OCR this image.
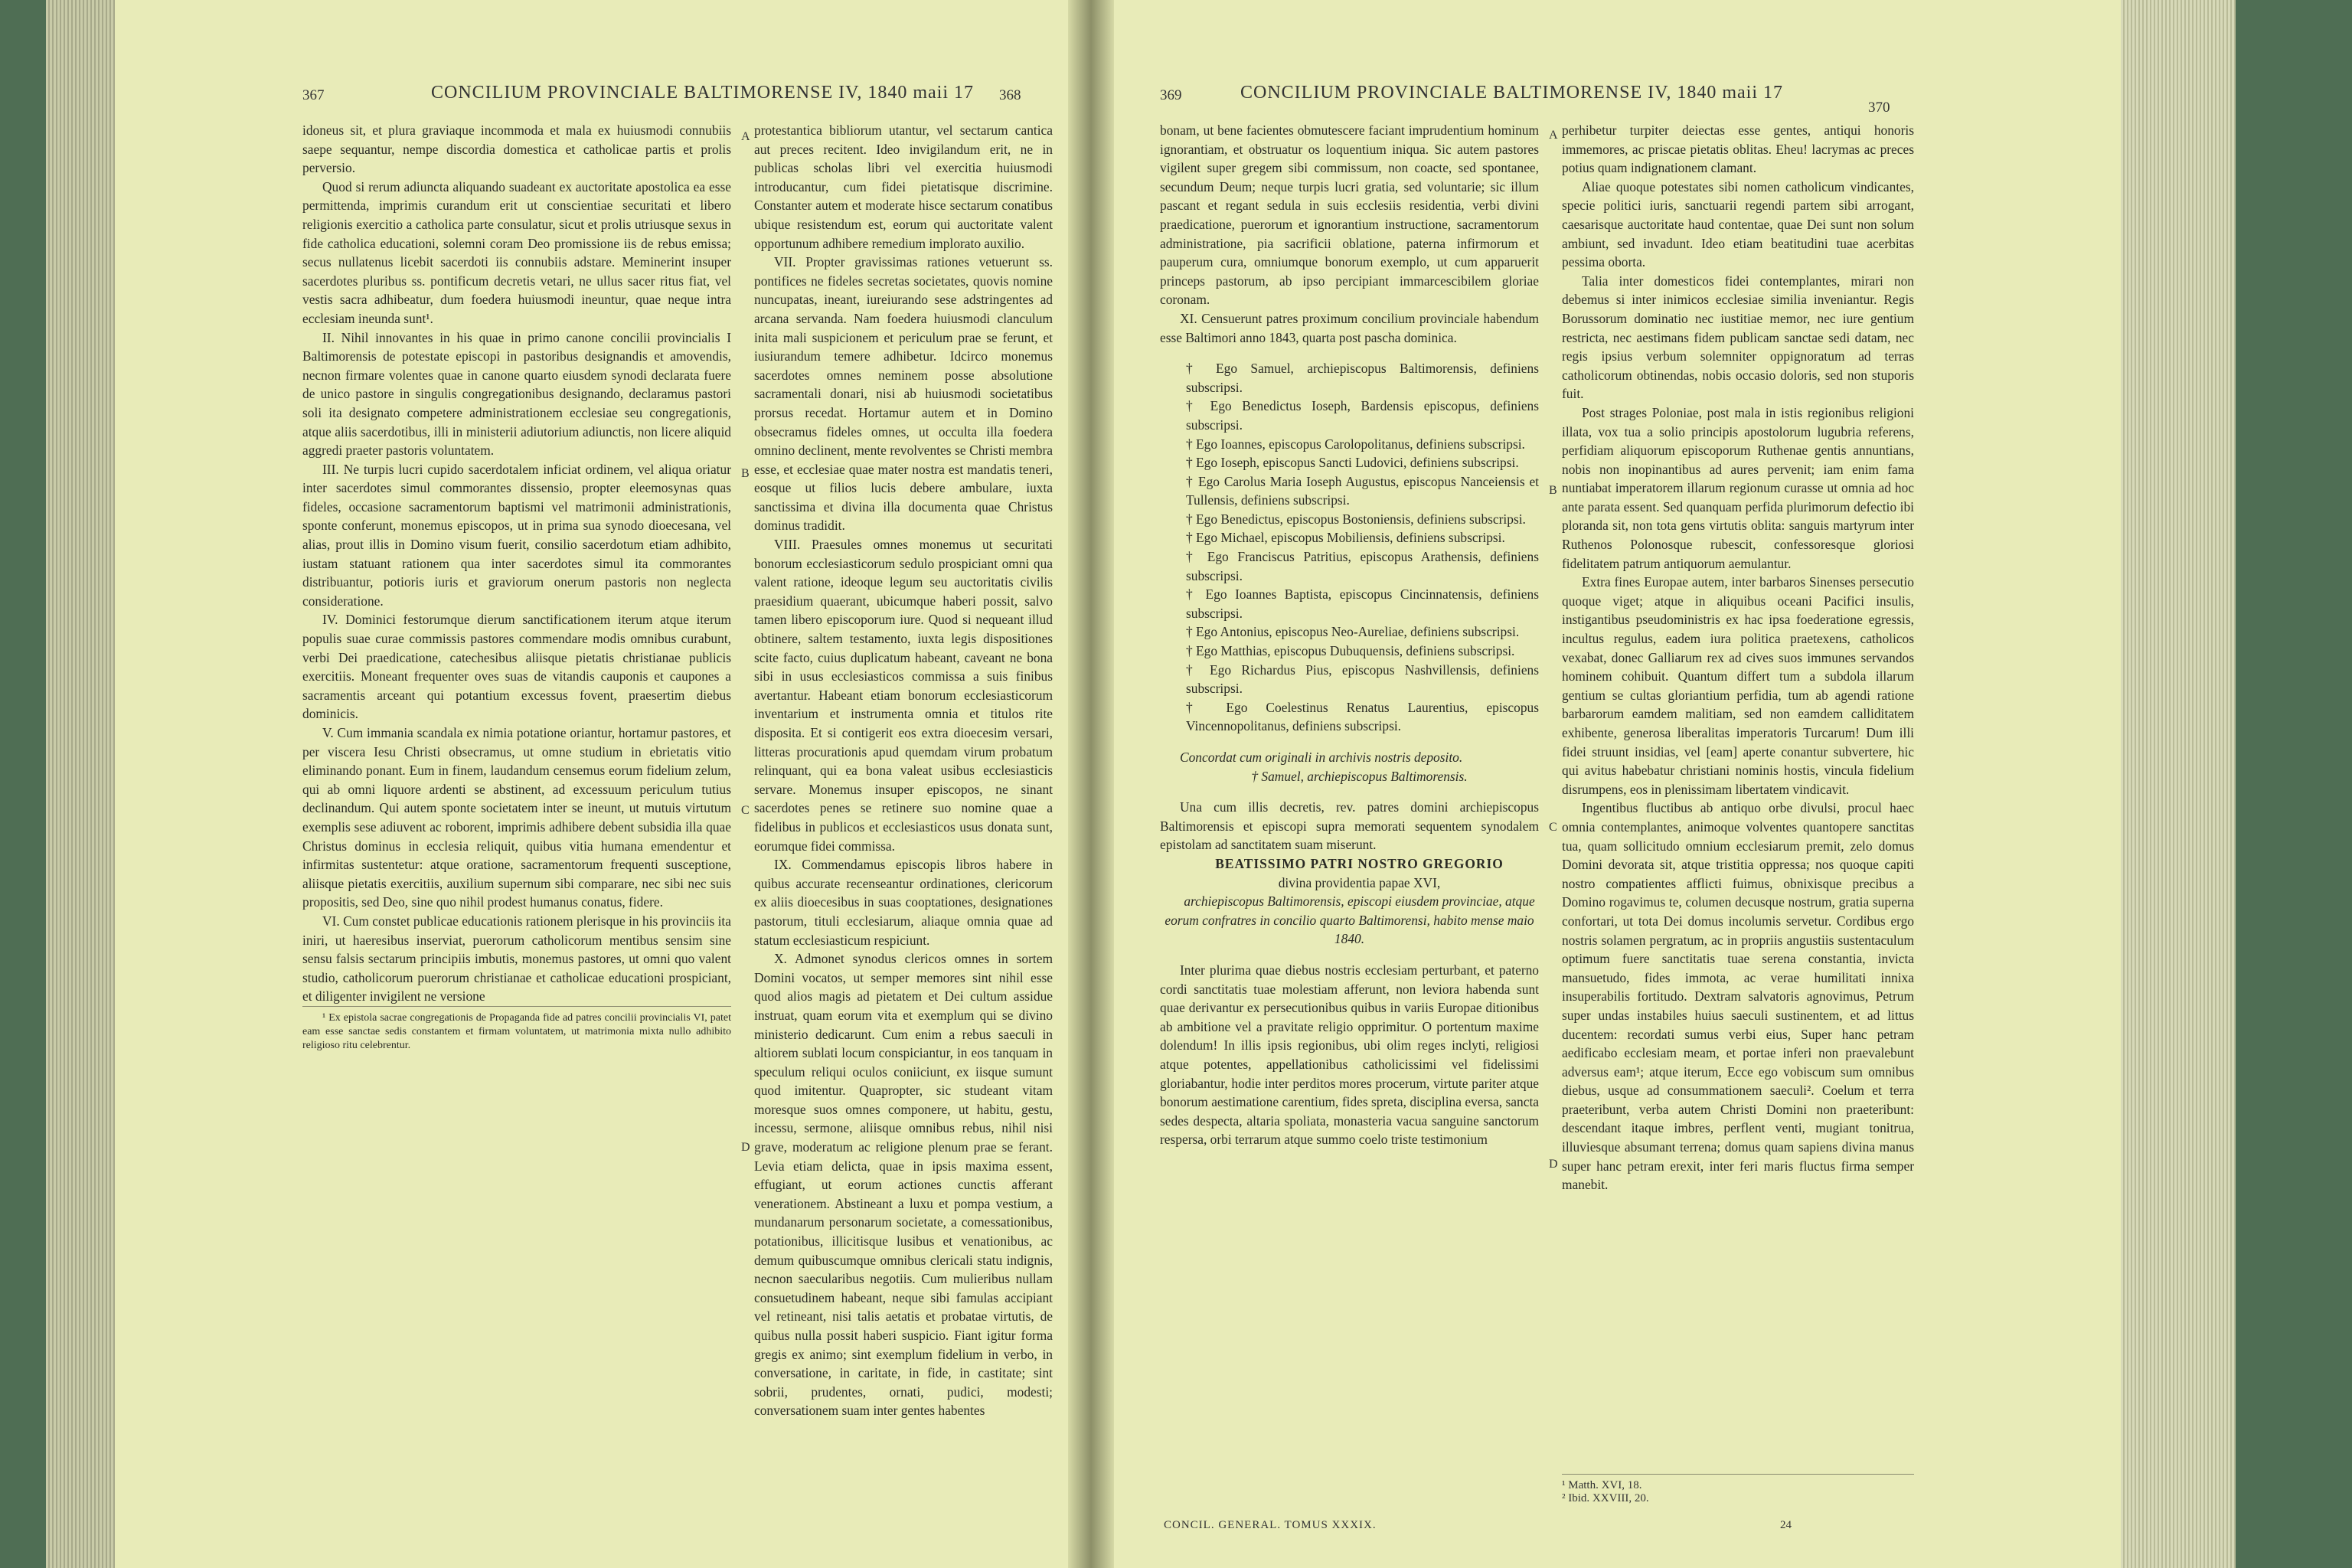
367	CONCILIUM PROVINCIALE BALTIMORENSE IV, 1840 maii 17 368

idoneus sit, et plura graviaque incommoda et mala ex huiusmodi connubiis saepe sequantur, nempe discordia domestica et catholicae partis et prolis perversio.

Quod si rerum adiuncta aliquando suadeant ex auctoritate apostolica ea esse permittenda, imprimis curandum erit ut conscientiae securitati et libero religionis exercitio a catholica parte consulatur, sicut et prolis utriusque sexus in fide catholica educationi, solemni coram Deo promissione iis de rebus emissa; secus nullatenus licebit sacerdoti iis connubiis adstare. Meminerint insuper sacerdotes pluribus ss. pontificum decretis vetari, ne ullus sacer ritus fiat, vel vestis sacra adhibeatur, dum foedera huiusmodi ineuntur, quae neque intra ecclesiam ineunda sunt¹.

II. Nihil innovantes in his quae in primo canone concilii provincialis I Baltimorensis de potestate episcopi in pastoribus designandis et amovendis, necnon firmare volentes quae in canone quarto eiusdem synodi declarata fuere de unico pastore in singulis congregationibus designando, declaramus pastori soli ita designato competere administrationem ecclesiae seu congregationis, atque aliis sacerdotibus, illi in ministerii adiutorium adiunctis, non licere aliquid aggredi praeter pastoris voluntatem.

III. Ne turpis lucri cupido sacerdotalem inficiat ordinem, vel aliqua oriatur inter sacerdotes simul commorantes dissensio, propter eleemosynas quas fideles, occasione sacramentorum baptismi vel matrimonii administrationis, sponte conferunt, monemus episcopos, ut in prima sua synodo dioecesana, vel alias, prout illis in Domino visum fuerit, consilio sacerdotum etiam adhibito, iustam statuant rationem qua inter sacerdotes simul ita commorantes distribuantur, potioris iuris et graviorum onerum pastoris non neglecta consideratione.

IV. Dominici festorumque dierum sanctificationem iterum atque iterum populis suae curae commissis pastores commendare modis omnibus curabunt, verbi Dei praedicatione, catechesibus aliisque pietatis christianae publicis exercitiis. Moneant frequenter oves suas de vitandis cauponis et caupones a sacramentis arceant qui potantium excessus fovent, praesertim diebus dominicis.

V. Cum immania scandala ex nimia potatione oriantur, hortamur pastores, et per viscera Iesu Christi obsecramus, ut omne studium in ebrietatis vitio eliminando ponant. Eum in finem, laudandum censemus eorum fidelium zelum, qui ab omni liquore ardenti se abstinent, ad excessuum periculum tutius declinandum. Qui autem sponte societatem inter se ineunt, ut mutuis virtutum exemplis sese adiuvent ac roborent, imprimis adhibere debent subsidia illa quae Christus dominus in ecclesia reliquit, quibus vitia humana emendentur et infirmitas sustentetur: atque oratione, sacramentorum frequenti susceptione, aliisque pietatis exercitiis, auxilium supernum sibi comparare, nec sibi nec suis propositis, sed Deo, sine quo nihil prodest humanus conatus, fidere.

VI. Cum constet publicae educationis rationem plerisque in his provinciis ita iniri, ut haeresibus inserviat, puerorum catholicorum mentibus sensim sine sensu falsis sectarum principiis imbutis, monemus pastores, ut omni quo valent studio, catholicorum puerorum christianae et catholicae educationi prospiciant, et diligenter invigilent ne versione

¹ Ex epistola sacrae congregationis de Propaganda fide ad patres concilii provincialis VI, patet eam esse sanctae sedis constantem et firmam voluntatem, ut matrimonia mixta nullo adhibito religioso ritu celebrentur.

A
B
C
D

protestantica bibliorum utantur, vel sectarum cantica aut preces recitent. Ideo invigilandum erit, ne in publicas scholas libri vel exercitia huiusmodi introducantur, cum fidei pietatisque discrimine. Constanter autem et moderate hisce sectarum conatibus ubique resistendum est, eorum qui auctoritate valent opportunum adhibere remedium implorato auxilio.

VII. Propter gravissimas rationes vetuerunt ss. pontifices ne fideles secretas societates, quovis nomine nuncupatas, ineant, iureiurando sese adstringentes ad arcana servanda. Nam foedera huiusmodi clanculum inita mali suspicionem et periculum prae se ferunt, et iusiurandum temere adhibetur. Idcirco monemus sacerdotes omnes neminem posse absolutione sacramentali donari, nisi ab huiusmodi societatibus prorsus recedat. Hortamur autem et in Domino obsecramus fideles omnes, ut occulta illa foedera omnino declinent, mente revolventes se Christi membra esse, et ecclesiae quae mater nostra est mandatis teneri, eosque ut filios lucis debere ambulare, iuxta sanctissima et divina illa documenta quae Christus dominus tradidit.

VIII. Praesules omnes monemus ut securitati bonorum ecclesiasticorum sedulo prospiciant omni qua valent ratione, ideoque legum seu auctoritatis civilis praesidium quaerant, ubicumque haberi possit, salvo tamen libero episcoporum iure. Quod si nequeant illud obtinere, saltem testamento, iuxta legis dispositiones scite facto, cuius duplicatum habeant, caveant ne bona sibi in usus ecclesiasticos commissa a suis finibus avertantur. Habeant etiam bonorum ecclesiasticorum inventarium et instrumenta omnia et titulos rite disposita. Et si contigerit eos extra dioecesim versari, litteras procurationis apud quemdam virum probatum relinquant, qui ea bona valeat usibus ecclesiasticis servare. Monemus insuper episcopos, ne sinant sacerdotes penes se retinere suo nomine quae a fidelibus in publicos et ecclesiasticos usus donata sunt, eorumque fidei commissa.

IX. Commendamus episcopis libros habere in quibus accurate recenseantur ordinationes, clericorum ex aliis dioecesibus in suas cooptationes, designationes pastorum, tituli ecclesiarum, aliaque omnia quae ad statum ecclesiasticum respiciunt.

X. Admonet synodus clericos omnes in sortem Domini vocatos, ut semper memores sint nihil esse quod alios magis ad pietatem et Dei cultum assidue instruat, quam eorum vita et exemplum qui se divino ministerio dedicarunt. Cum enim a rebus saeculi in altiorem sublati locum conspiciantur, in eos tanquam in speculum reliqui oculos coniiciunt, ex iisque sumunt quod imitentur. Quapropter, sic studeant vitam moresque suos omnes componere, ut habitu, gestu, incessu, sermone, aliisque omnibus rebus, nihil nisi grave, moderatum ac religione plenum prae se ferant. Levia etiam delicta, quae in ipsis maxima essent, effugiant, ut eorum actiones cunctis afferant venerationem. Abstineant a luxu et pompa vestium, a mundanarum personarum societate, a comessationibus, potationibus, illicitisque lusibus et venationibus, ac demum quibuscumque omnibus clericali statu indignis, necnon saecularibus negotiis. Cum mulieribus nullam consuetudinem habeant, neque sibi famulas accipiant vel retineant, nisi talis aetatis et probatae virtutis, de quibus nulla possit haberi suspicio. Fiant igitur forma gregis ex animo; sint exemplum fidelium in verbo, in conversatione, in caritate, in fide, in castitate; sint sobrii, prudentes, ornati, pudici, modesti; conversationem suam inter gentes habentes

369	CONCILIUM PROVINCIALE BALTIMORENSE IV, 1840 maii 17
370

bonam, ut bene facientes obmutescere faciant imprudentium hominum ignorantiam, et obstruatur os loquentium iniqua. Sic autem pastores vigilent super gregem sibi commissum, non coacte, sed spontanee, secundum Deum; neque turpis lucri gratia, sed voluntarie; sic illum pascant et regant sedula in suis ecclesiis residentia, verbi divini praedicatione, puerorum et ignorantium instructione, sacramentorum administratione, pia sacrificii oblatione, paterna infirmorum et pauperum cura, omniumque bonorum exemplo, ut cum apparuerit princeps pastorum, ab ipso percipiant immarcescibilem gloriae coronam.

XI. Censuerunt patres proximum concilium provinciale habendum esse Baltimori anno 1843, quarta post pascha dominica.

† Ego Samuel, archiepiscopus Baltimorensis, definiens subscripsi.

† Ego Benedictus Ioseph, Bardensis episcopus, definiens subscripsi.

† Ego Ioannes, episcopus Carolopolitanus, definiens subscripsi.

† Ego Ioseph, episcopus Sancti Ludovici, definiens subscripsi.

† Ego Carolus Maria Ioseph Augustus, episcopus Nanceiensis et Tullensis, definiens subscripsi.

† Ego Benedictus, episcopus Bostoniensis, definiens subscripsi.

† Ego Michael, episcopus Mobiliensis, definiens subscripsi.

† Ego Franciscus Patritius, episcopus Arathensis, definiens subscripsi.

† Ego Ioannes Baptista, episcopus Cincinnatensis, definiens subscripsi.

† Ego Antonius, episcopus Neo-Aureliae, definiens subscripsi.

† Ego Matthias, episcopus Dubuquensis, definiens subscripsi.

† Ego Richardus Pius, episcopus Nashvillensis, definiens subscripsi.

† Ego Coelestinus Renatus Laurentius, episcopus Vincennopolitanus, definiens subscripsi.

Concordat cum originali in archivis nostris deposito.

† Samuel, archiepiscopus Baltimorensis.

Una cum illis decretis, rev. patres domini archiepiscopus Baltimorensis et episcopi supra memorati sequentem synodalem epistolam ad sanctitatem suam miserunt.

BEATISSIMO PATRI NOSTRO GREGORIO

divina providentia papae XVI,

archiepiscopus Baltimorensis, episcopi eiusdem provinciae, atque eorum confratres in concilio quarto Baltimorensi, habito mense maio 1840.

Inter plurima quae diebus nostris ecclesiam perturbant, et paterno cordi sanctitatis tuae molestiam afferunt, non leviora habenda sunt quae derivantur ex persecutionibus quibus in variis Europae ditionibus ab ambitione vel a pravitate religio opprimitur. O portentum maxime dolendum! In illis ipsis regionibus, ubi olim reges inclyti, religiosi atque potentes, appellationibus catholicissimi vel fidelissimi gloriabantur, hodie inter perditos mores procerum, virtute pariter atque bonorum aestimatione carentium, fides spreta, disciplina eversa, sancta sedes despecta, altaria spoliata, monasteria vacua sanguine sanctorum respersa, orbi terrarum atque summo coelo triste testimonium

A
B
C
D

perhibetur turpiter deiectas esse gentes, antiqui honoris immemores, ac priscae pietatis oblitas. Eheu! lacrymas ac preces potius quam indignationem clamant.

Aliae quoque potestates sibi nomen catholicum vindicantes, specie politici iuris, sanctuarii regendi partem sibi arrogant, caesarisque auctoritate haud contentae, quae Dei sunt non solum ambiunt, sed invadunt. Ideo etiam beatitudini tuae acerbitas pessima oborta.

Talia inter domesticos fidei contemplantes, mirari non debemus si inter inimicos ecclesiae similia inveniantur. Regis Borussorum dominatio nec iustitiae memor, nec iure gentium restricta, nec aestimans fidem publicam sanctae sedi datam, nec regis ipsius verbum solemniter oppignoratum ad terras catholicorum obtinendas, nobis occasio doloris, sed non stuporis fuit.

Post strages Poloniae, post mala in istis regionibus religioni illata, vox tua a solio principis apostolorum lugubria referens, perfidiam aliquorum episcoporum Ruthenae gentis annuntians, nobis non inopinantibus ad aures pervenit; iam enim fama nuntiabat imperatorem illarum regionum curasse ut omnia ad hoc ante parata essent. Sed quanquam perfida plurimorum defectio ibi ploranda sit, non tota gens virtutis oblita: sanguis martyrum inter Ruthenos Polonosque rubescit, confessoresque gloriosi fidelitatem patrum antiquorum aemulantur.

Extra fines Europae autem, inter barbaros Sinenses persecutio quoque viget; atque in aliquibus oceani Pacifici insulis, instigantibus pseudoministris ex hac ipsa foederatione egressis, incultus regulus, eadem iura politica praetexens, catholicos vexabat, donec Galliarum rex ad cives suos immunes servandos hominem cohibuit. Quantum differt tum a subdola illarum gentium se cultas gloriantium perfidia, tum ab agendi ratione barbarorum eamdem malitiam, sed non eamdem calliditatem exhibente, generosa liberalitas imperatoris Turcarum! Dum illi fidei struunt insidias, vel [eam] aperte conantur subvertere, hic qui avitus habebatur christiani nominis hostis, vincula fidelium disrumpens, eos in plenissimam libertatem vindicavit.

Ingentibus fluctibus ab antiquo orbe divulsi, procul haec omnia contemplantes, animoque volventes quantopere sanctitas tua, quam sollicitudo omnium ecclesiarum premit, zelo domus Domini devorata sit, atque tristitia oppressa; nos quoque capiti nostro compatientes afflicti fuimus, obnixisque precibus a Domino rogavimus te, columen decusque nostrum, gratia superna confortari, ut tota Dei domus incolumis servetur. Cordibus ergo nostris solamen pergratum, ac in propriis angustiis sustentaculum optimum fuere sanctitatis tuae serena constantia, invicta mansuetudo, fides immota, ac verae humilitati innixa insuperabilis fortitudo. Dextram salvatoris agnovimus, Petrum super undas instabiles huius saeculi sustinentem, et ad littus ducentem: recordati sumus verbi eius, Super hanc petram aedificabo ecclesiam meam, et portae inferi non praevalebunt adversus eam¹; atque iterum, Ecce ego vobiscum sum omnibus diebus, usque ad consummationem saeculi². Coelum et terra praeteribunt, verba autem Christi Domini non praeteribunt: descendant itaque imbres, perflent venti, mugiant tonitrua, illuviesque absumant terrena; domus quam sapiens divina manus super hanc petram erexit, inter feri maris fluctus firma semper manebit.

¹ Matth. XVI, 18.
² Ibid. XXVIII, 20.
CONCIL. GENERAL. TOMUS XXXIX.	24
